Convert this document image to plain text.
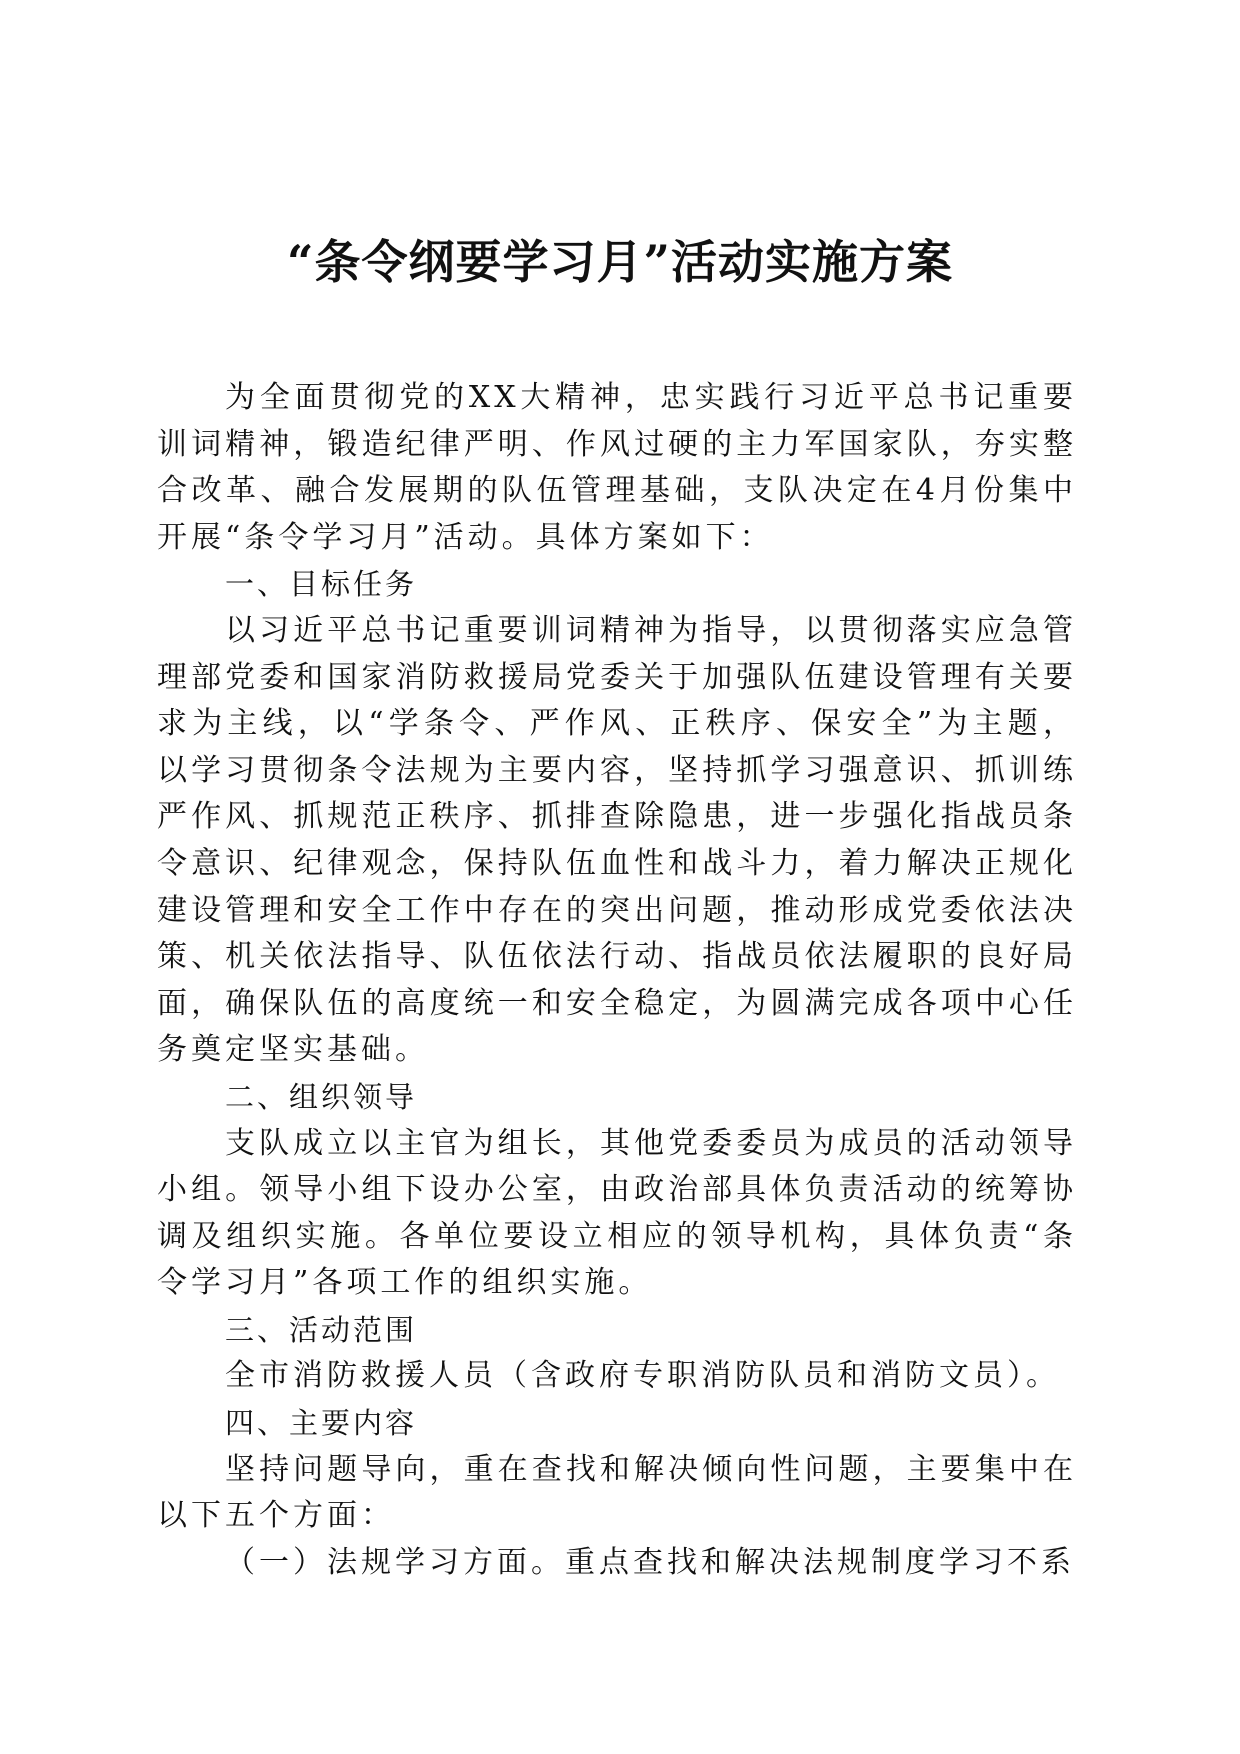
“条令纲要学习月”活动实施方案

为全面贯彻党的XX大精神，忠实践行习近平总书记重要训词精神，锻造纪律严明、作风过硬的主力军国家队，夯实整合改革、融合发展期的队伍管理基础，支队决定在4月份集中开展“条令学习月”活动。具体方案如下：

一、目标任务

以习近平总书记重要训词精神为指导，以贯彻落实应急管理部党委和国家消防救援局党委关于加强队伍建设管理有关要求为主线，以“学条令、严作风、正秩序、保安全”为主题，以学习贯彻条令法规为主要内容，坚持抓学习强意识、抓训练严作风、抓规范正秩序、抓排查除隐患，进一步强化指战员条令意识、纪律观念，保持队伍血性和战斗力，着力解决正规化建设管理和安全工作中存在的突出问题，推动形成党委依法决策、机关依法指导、队伍依法行动、指战员依法履职的良好局面，确保队伍的高度统一和安全稳定，为圆满完成各项中心任务奠定坚实基础。

二、组织领导

支队成立以主官为组长，其他党委委员为成员的活动领导小组。领导小组下设办公室，由政治部具体负责活动的统筹协调及组织实施。各单位要设立相应的领导机构，具体负责“条令学习月”各项工作的组织实施。

三、活动范围

全市消防救援人员（含政府专职消防队员和消防文员）。

四、主要内容

坚持问题导向，重在查找和解决倾向性问题，主要集中在以下五个方面：

（一）法规学习方面。重点查找和解决法规制度学习不系
